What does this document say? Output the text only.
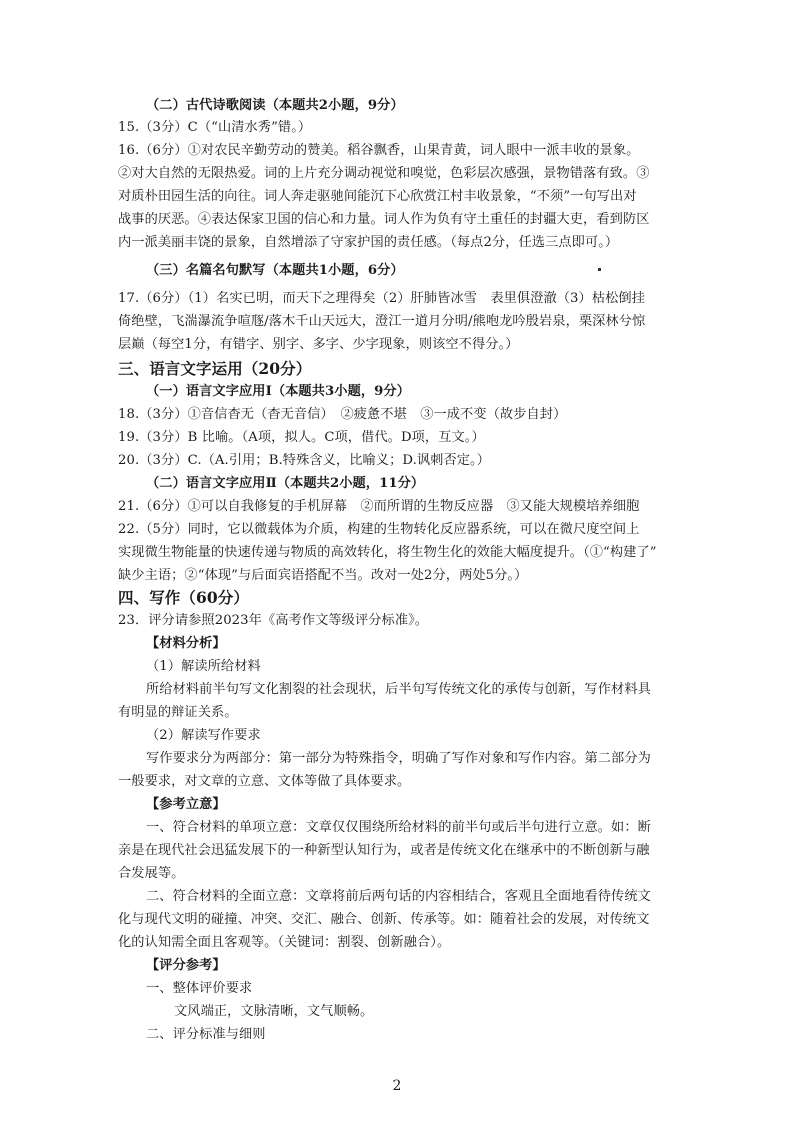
（二）古代诗歌阅读（本题共2小题，9分）
15.（3分）C（“山清水秀”错。）
16.（6分）①对农民辛勤劳动的赞美。稻谷飘香，山果青黄，词人眼中一派丰收的景象。
②对大自然的无限热爱。词的上片充分调动视觉和嗅觉，色彩层次感强，景物错落有致。③
对质朴田园生活的向往。词人奔走驱驰间能沉下心欣赏江村丰收景象，“不须”一句写出对
战事的厌恶。④表达保家卫国的信心和力量。词人作为负有守土重任的封疆大吏，看到防区
内一派美丽丰饶的景象，自然增添了守家护国的责任感。（每点2分，任选三点即可。）
（三）名篇名句默写（本题共1小题，6分）
17.（6分）（1）名实已明，而天下之理得矣（2）肝肺皆冰雪　表里俱澄澈（3）枯松倒挂
倚绝壁，飞湍瀑流争喧豗/落木千山天远大，澄江一道月分明/熊咆龙吟殷岩泉，栗深林兮惊
层巅（每空1分，有错字、别字、多字、少字现象，则该空不得分。）
三、语言文字运用（20分）
（一）语言文字应用Ⅰ（本题共3小题，9分）
18.（3分）①音信杳无（杳无音信）　②疲惫不堪　③一成不变（故步自封）
19.（3分）B 比喻。（A项，拟人。C项，借代。D项，互文。）
20.（3分）C.（A.引用；B.特殊含义，比喻义；D.讽刺否定。）
（二）语言文字应用Ⅱ（本题共2小题，11分）
21.（6分）①可以自我修复的手机屏幕　②而所谓的生物反应器　③又能大规模培养细胞
22.（5分）同时，它以微载体为介质，构建的生物转化反应器系统，可以在微尺度空间上
实现微生物能量的快速传递与物质的高效转化，将生物生化的效能大幅度提升。（①“构建了”
缺少主语；②“体现”与后面宾语搭配不当。改对一处2分，两处5分。）
四、写作（60分）
23．评分请参照2023年《高考作文等级评分标准》。
【材料分析】
（1）解读所给材料
所给材料前半句写文化割裂的社会现状，后半句写传统文化的承传与创新，写作材料具
有明显的辩证关系。
（2）解读写作要求
写作要求分为两部分：第一部分为特殊指令，明确了写作对象和写作内容。第二部分为
一般要求，对文章的立意、文体等做了具体要求。
【参考立意】
一、符合材料的单项立意：文章仅仅围绕所给材料的前半句或后半句进行立意。如：断
亲是在现代社会迅猛发展下的一种新型认知行为，或者是传统文化在继承中的不断创新与融
合发展等。
二、符合材料的全面立意：文章将前后两句话的内容相结合，客观且全面地看待传统文
化与现代文明的碰撞、冲突、交汇、融合、创新、传承等。如：随着社会的发展，对传统文
化的认知需全面且客观等。（关键词：割裂、创新融合）。
【评分参考】
一、整体评价要求
文风端正，文脉清晰，文气顺畅。
二、评分标准与细则
2
